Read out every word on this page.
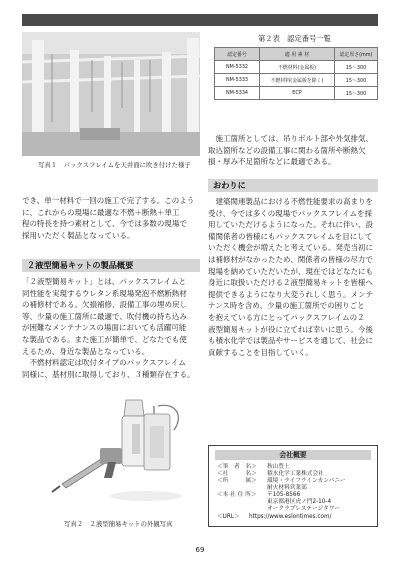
写真１　パックスフレイムを天井面に吹き付けた様子

でき、単一材料で一回の施工で完了する。このよう

に、これからの現場に最適な不燃＋断熱＋単工

程の特長を持つ素材として、今では多数の現場で

採用いただく製品となっている。

２液型簡易キットの製品概要

「２液型簡易キット」とは、パックスフレイムと

同性能を実現するウレタン系現場発泡不燃断熱材

の補修材である。欠損補修、設備工事の埋め戻し

等、少量の施工箇所に最適で、吹付機の持ち込み

が困難なメンテナンスの場面においても活躍可能

な製品である。また施工が簡単で、どなたでも使

えるため、身近な製品となっている。

　不燃材料認定は吹付タイプのパックスフレイム

同様に、基材別に取得しており、３種類存在する。

写真２　２液型簡易キットの外観写真
第２表　認定番号一覧
認定番号	適 用 素 材	認定厚さ(mm)
NM-5332	不燃材料(金属板)	15〜300
NM-5333	不燃材料(金属板を除く)	15〜300
NM-5334	ECP	15〜300

　施工箇所としては、吊りボルト部や外気排気、

取込箇所などの設備工事に関わる箇所や断熱欠

損・厚み不足箇所などに最適である。

おわりに

　建築関連製品における不燃性能要求の高まりを

受け、今では多くの現場でパックスフレイムを採

用していただけるようになった。それに伴い、設

備関係者の皆様にもパックスフレイムを目にして

いただく機会が増えたと考えている。発売当初に

は補修材がなかったため、関係者の皆様の尽力で

現場を納めていただいたが、現在ではどなたにも

身近に取扱いただける２液型簡易キットを皆様へ

提供できるようになり大変うれしく思う。メンテ

ナンス時を含め、少量の施工箇所での困りごと

を抱えている方にとってパックスフレイムの２

液型簡易キットが役に立てれば幸いに思う。今後

も積水化学では製品やサービスを通じて、社会に

貢献することを目指していく。

会社概要
＜筆　者　名＞ 秋山豊士
＜社　　　名＞ 積水化学工業株式会社
＜所　　　属＞ 環境・ライフラインカンパニー
耐火材料営業部
＜本 社 住 所＞ 〒105-8566
東京都港区虎ノ門2-10-4
オークラプレステージタワー
＜URL＞ https://www.eslontimes.com/
69
